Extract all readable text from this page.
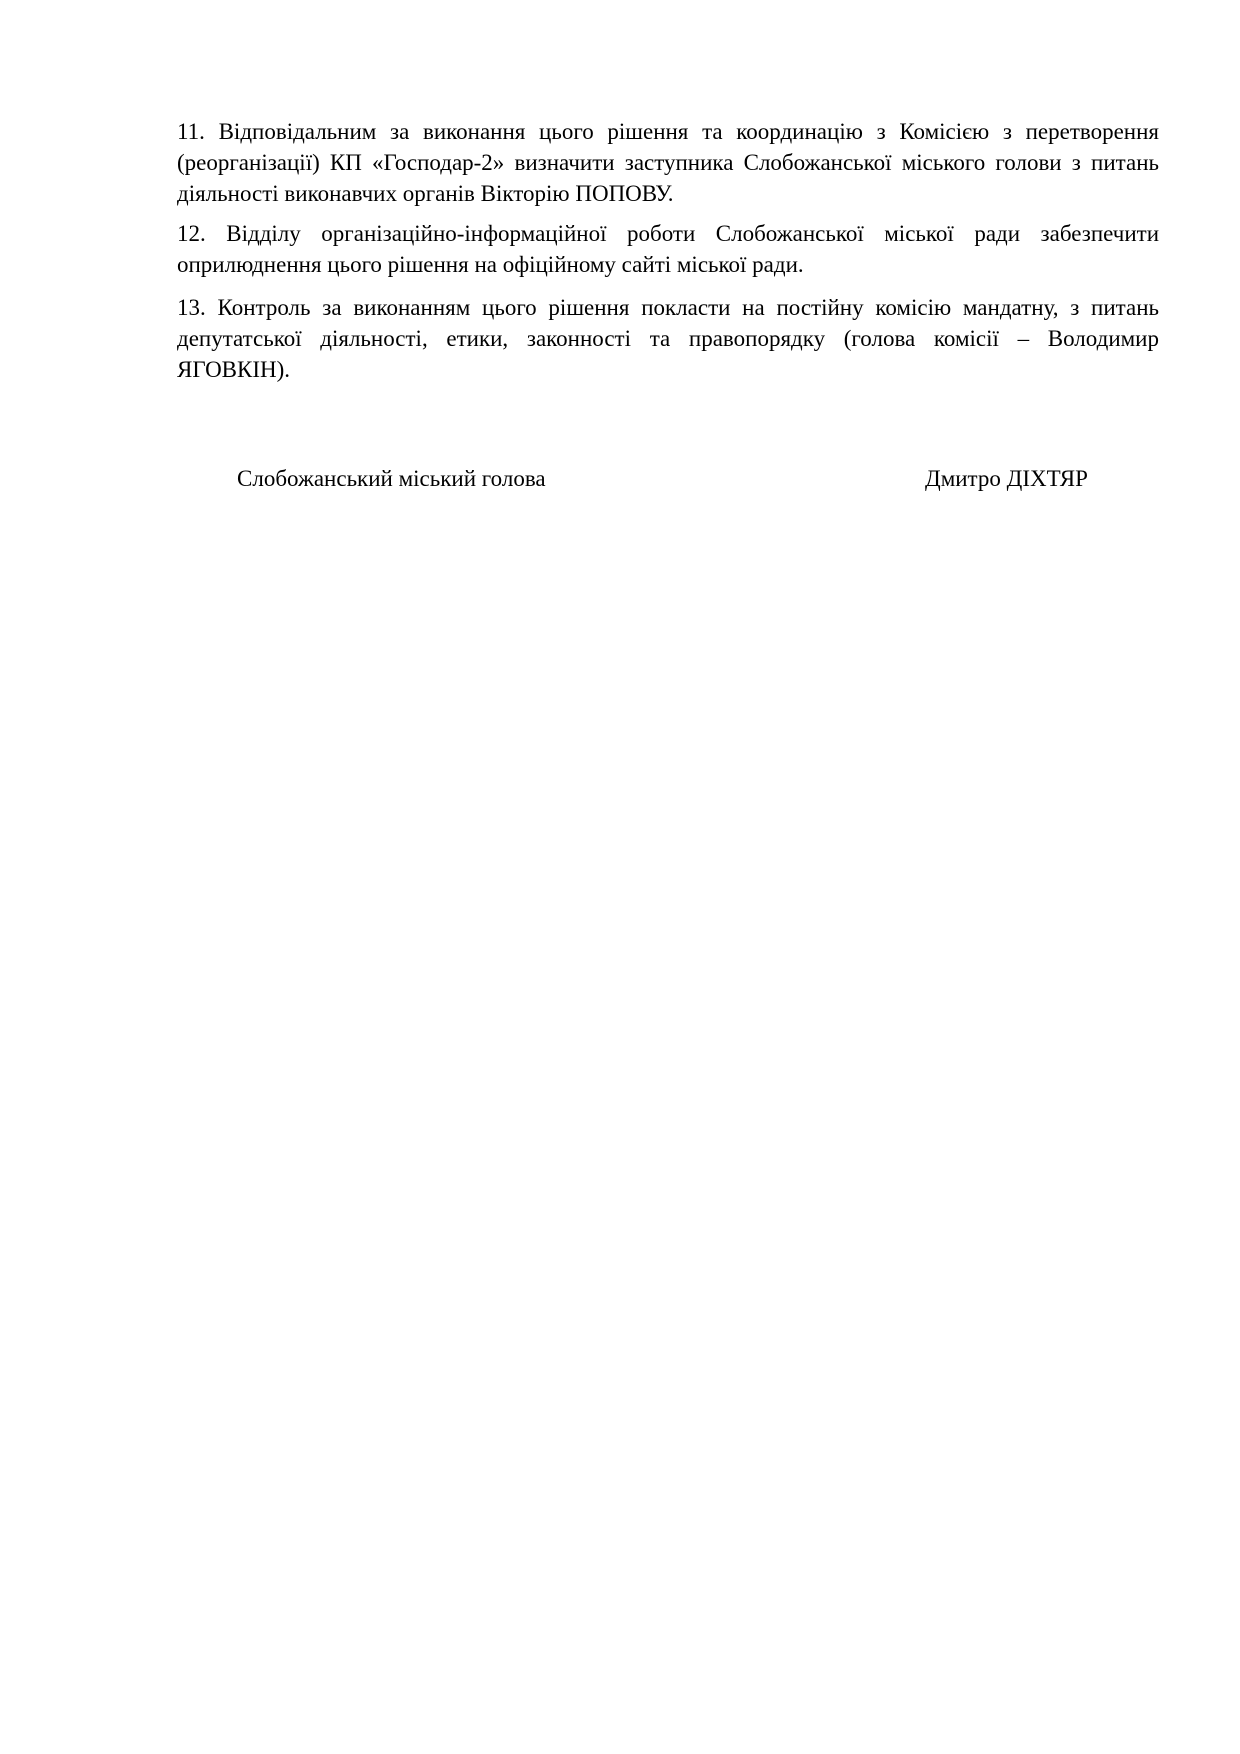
11. Відповідальним за виконання цього рішення та координацію з Комісією з перетворення (реорганізації) КП «Господар-2» визначити заступника Слобожанської міського голови з питань діяльності виконавчих органів Вікторію ПОПОВУ.

12. Відділу організаційно-інформаційної роботи Слобожанської міської ради забезпечити оприлюднення цього рішення на офіційному сайті міської ради.

13. Контроль за виконанням цього рішення покласти на постійну комісію мандатну, з питань депутатської діяльності, етики, законності та правопорядку (голова комісії – Володимир ЯГОВКІН).

Слобожанський міський голова	Дмитро ДІХТЯР
